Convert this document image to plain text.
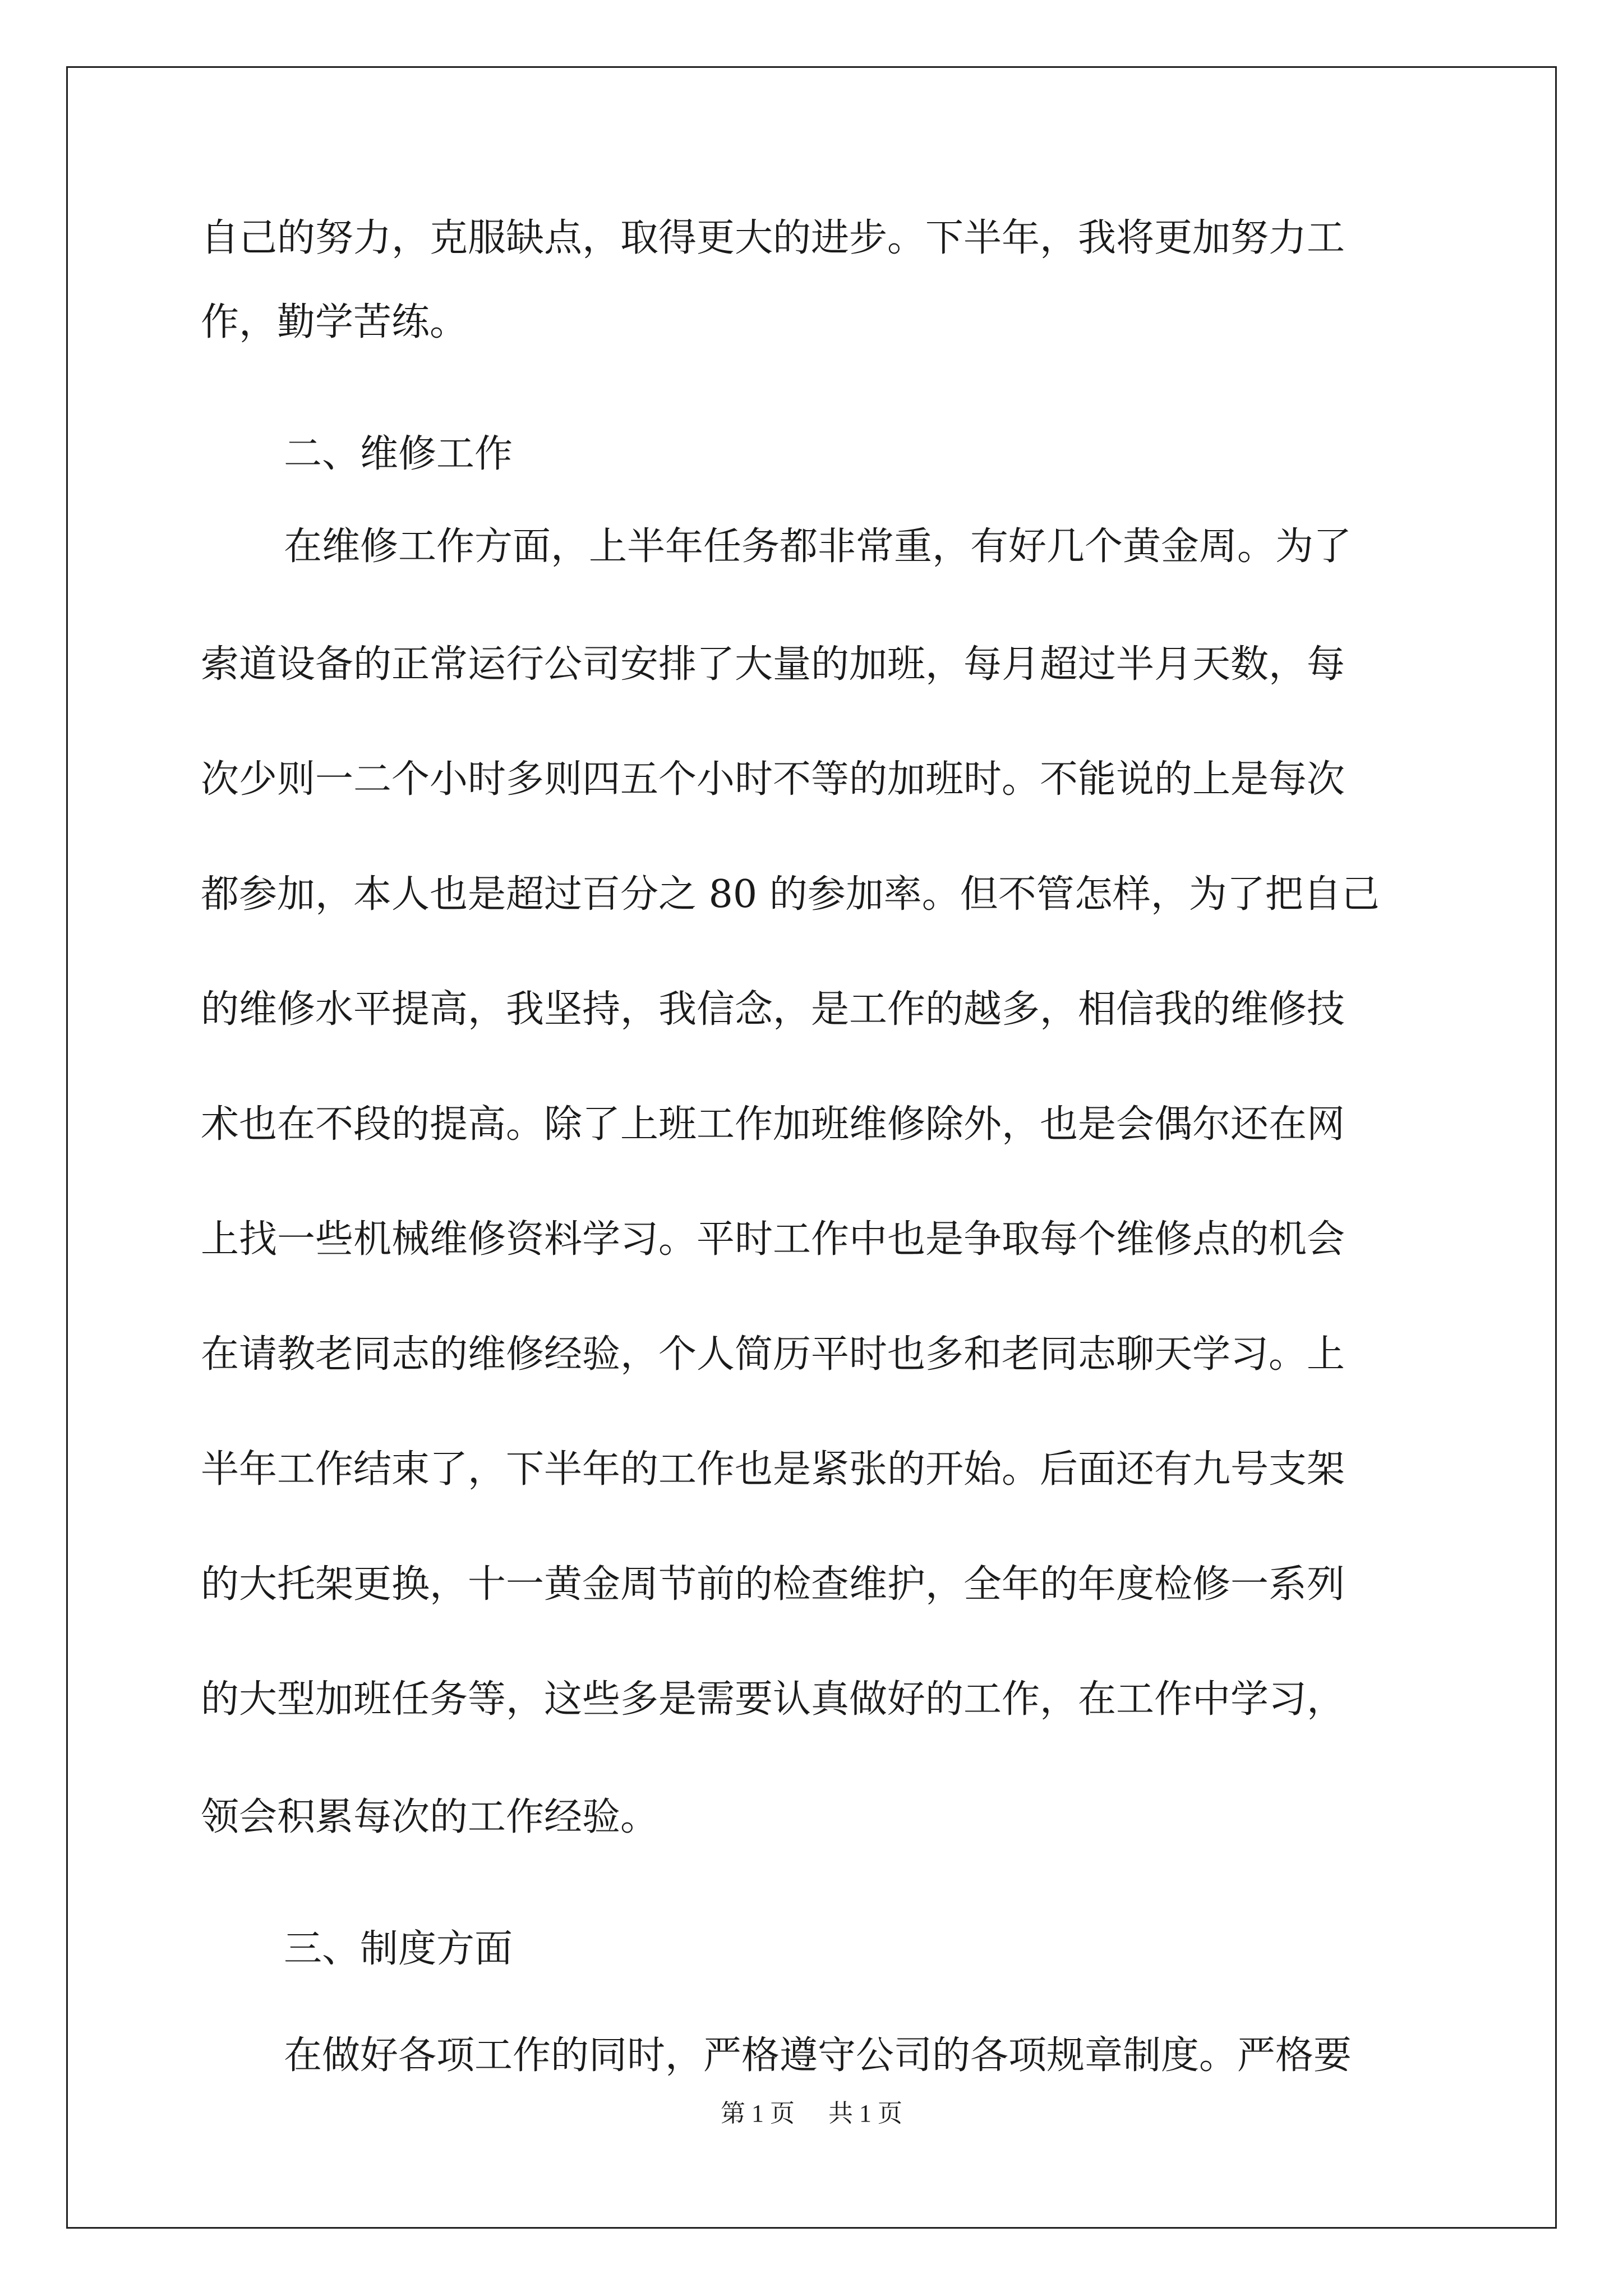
自己的努力，克服缺点，取得更大的进步。下半年，我将更加努力工
作，勤学苦练。
二、维修工作
在维修工作方面，上半年任务都非常重，有好几个黄金周。为了
索道设备的正常运行公司安排了大量的加班，每月超过半月天数，每
次少则一二个小时多则四五个小时不等的加班时。不能说的上是每次
都参加，本人也是超过百分之 80 的参加率。但不管怎样，为了把自己
的维修水平提高，我坚持，我信念，是工作的越多，相信我的维修技
术也在不段的提高。除了上班工作加班维修除外，也是会偶尔还在网
上找一些机械维修资料学习。平时工作中也是争取每个维修点的机会
在请教老同志的维修经验，个人简历平时也多和老同志聊天学习。上
半年工作结束了，下半年的工作也是紧张的开始。后面还有九号支架
的大托架更换，十一黄金周节前的检查维护，全年的年度检修一系列
的大型加班任务等，这些多是需要认真做好的工作，在工作中学习，
领会积累每次的工作经验。
三、制度方面
在做好各项工作的同时，严格遵守公司的各项规章制度。严格要
第 1 页 共 1 页
